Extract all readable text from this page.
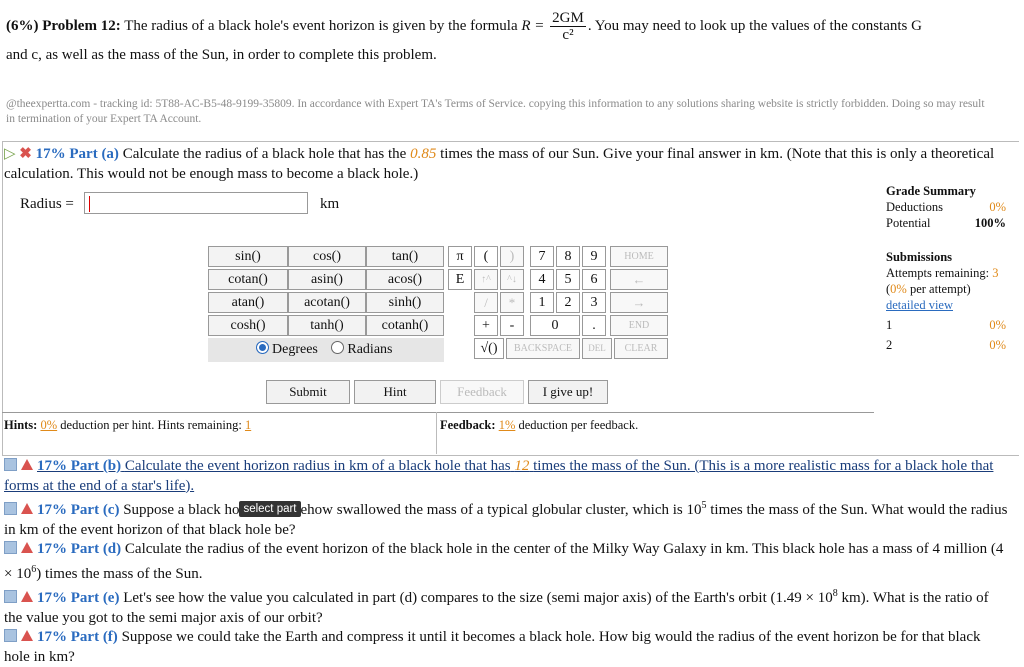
(6%) Problem 12: The radius of a black hole's event horizon is given by the formula $R = \frac{2GM}{\text{c²}}$ . You may need to look up the values of the constants G
and c, as well as the mass of the Sun, in order to complete this problem.
@theexpertta.com - tracking id: 5T88-AC-B5-48-9199-35809. In accordance with Expert TA's Terms of Service. copying this information to any solutions sharing website is strictly forbidden. Doing so may result in termination of your Expert TA Account.
▷ ✖ 17% Part (a) Calculate the radius of a black hole that has the 0.85 times the mass of our Sun. Give your final answer in km. (Note that this is only a theoretical calculation. This would not be enough mass to become a black hole.)
Radius =	km
Grade Summary
Deductions	0%
Potential	100%
Submissions
Attempts remaining: 3
(0% per attempt)
detailed view
1	0%
2	0%
sin()	cos()	tan()
cotan()	asin()	acos()
atan()	acotan()	sinh()
cosh()	tanh()	cotanh()
Degrees Radians
π	(	)
E	↑^	^↓
/	*
+	-
√()
7	8	9
4	5	6
1	2	3
0	.
HOME
←
→
END
BACKSPACE	DEL	CLEAR
Submit	Hint	Feedback	I give up!
Hints: 0% deduction per hint. Hints remaining: 1	Feedback: 1% deduction per feedback.

17% Part (b) Calculate the event horizon radius in km of a black hole that has 12 times the mass of the Sun. (This is a more realistic mass for a black hole that forms at the end of a star's life).

17% Part (c) Suppose a black ho select part ehow swallowed the mass of a typical globular cluster, which is $10^5$ times the mass of the Sun. What would the radius in km of the event horizon of that black hole be?

17% Part (d) Calculate the radius of the event horizon of the black hole in the center of the Milky Way Galaxy in km. This black hole has a mass of 4 million $(4 \times 10^6)$ times the mass of the Sun.

17% Part (e) Let's see how the value you calculated in part (d) compares to the size (semi major axis) of the Earth's orbit ($1.49 \times 10^8$ km). What is the ratio of the value you got to the semi major axis of our orbit?

17% Part (f) Suppose we could take the Earth and compress it until it becomes a black hole. How big would the radius of the event horizon be for that black hole in km?
